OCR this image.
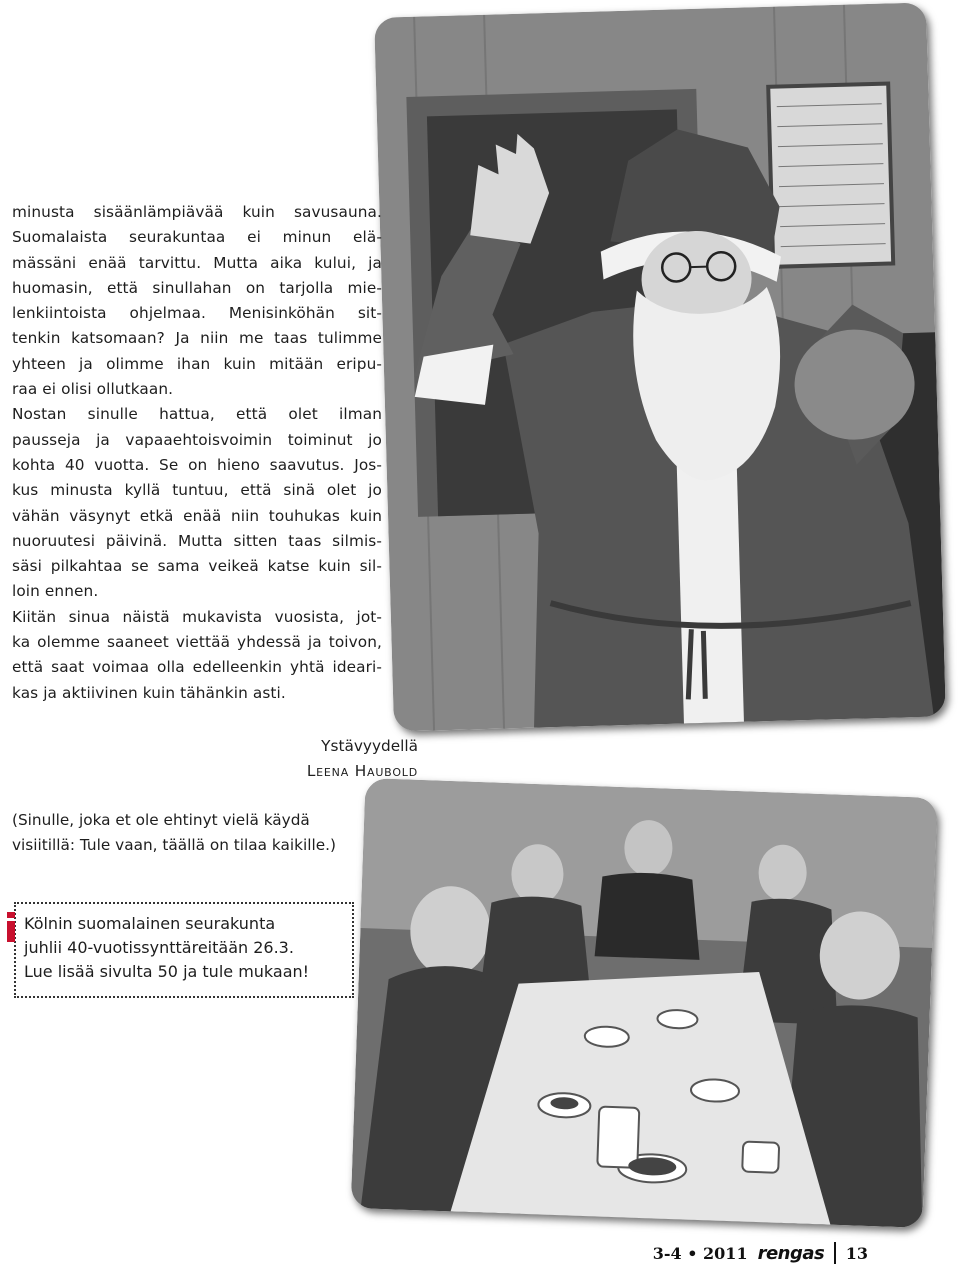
minusta sisäänlämpiävää kuin savusauna.
Suomalaista seurakuntaa ei minun elä-
mässäni enää tarvittu. Mutta aika kului, ja
huomasin, että sinullahan on tarjolla mie-
lenkiintoista ohjelmaa. Menisinköhän sit-
tenkin katsomaan? Ja niin me taas tulimme
yhteen ja olimme ihan kuin mitään eripu-
raa ei olisi ollutkaan.

Nostan sinulle hattua, että olet ilman
pausseja ja vapaaehtoisvoimin toiminut jo
kohta 40 vuotta. Se on hieno saavutus. Jos-
kus minusta kyllä tuntuu, että sinä olet jo
vähän väsynyt etkä enää niin touhukas kuin
nuoruutesi päivinä. Mutta sitten taas silmis-
säsi pilkahtaa se sama veikeä katse kuin sil-
loin ennen.

Kiitän sinua näistä mukavista vuosista, jot-
ka olemme saaneet viettää yhdessä ja toivon,
että saat voimaa olla edelleenkin yhtä ideari-
kas ja aktiivinen kuin tähänkin asti.

Ystävyydellä
Leena Haubold
(Sinulle, joka et ole ehtinyt vielä käydä
visiitillä: Tule vaan, täällä on tilaa kaikille.)
Kölnin suomalainen seurakunta
juhlii 40-vuotissynttäreitään 26.3.
Lue lisää sivulta 50 ja tule mukaan!
3-4 • 2011 rengas 13
